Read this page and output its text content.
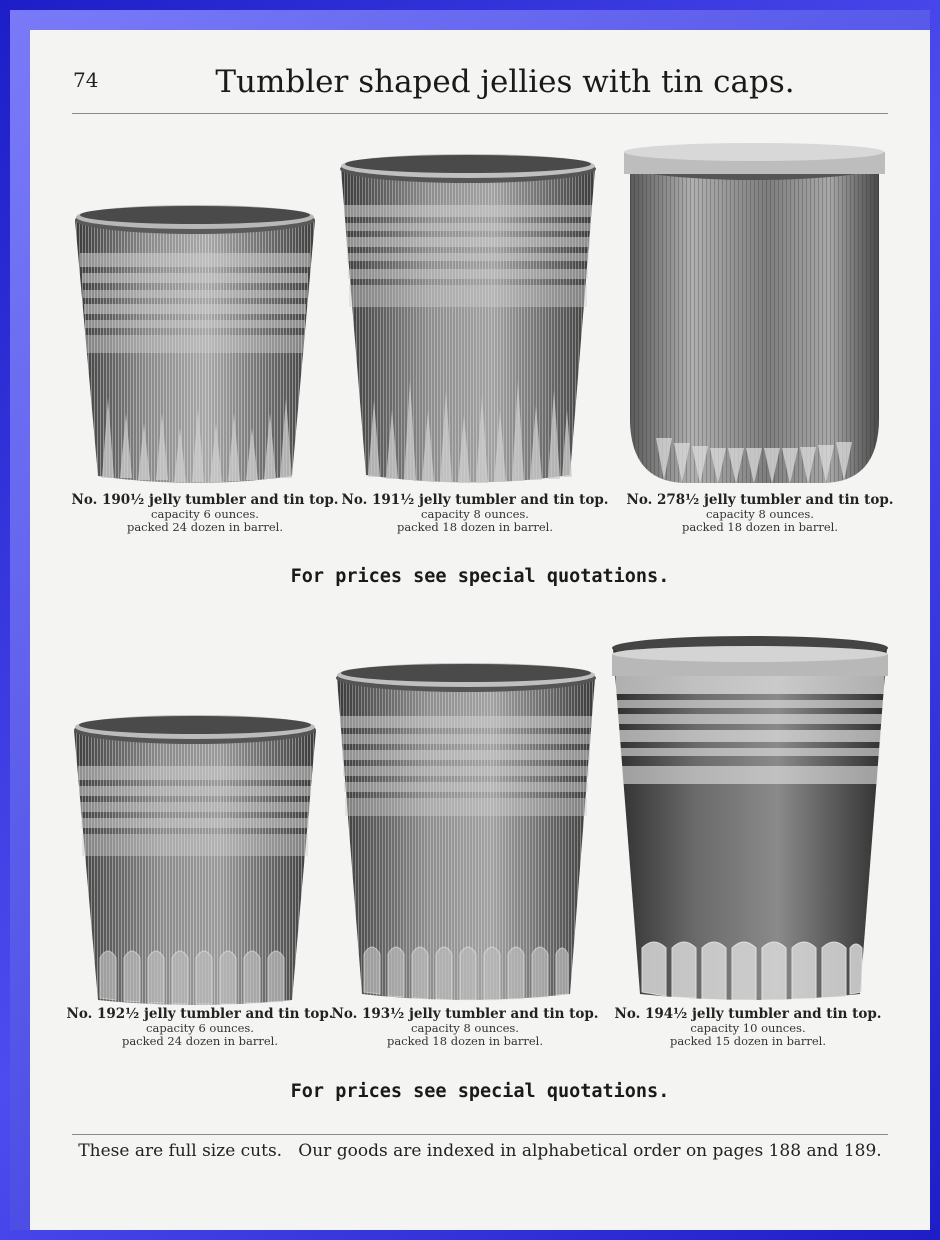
74	Tumbler shaped jellies with tin caps.
No. 190½ jelly tumbler and tin top.
capacity 6 ounces.
packed 24 dozen in barrel.
No. 191½ jelly tumbler and tin top.
capacity 8 ounces.
packed 18 dozen in barrel.
No. 278½ jelly tumbler and tin top.
capacity 8 ounces.
packed 18 dozen in barrel.
For prices see special quotations.
No. 192½ jelly tumbler and tin top.
capacity 6 ounces.
packed 24 dozen in barrel.
No. 193½ jelly tumbler and tin top.
capacity 8 ounces.
packed 18 dozen in barrel.
No. 194½ jelly tumbler and tin top.
capacity 10 ounces.
packed 15 dozen in barrel.
For prices see special quotations.
These are full size cuts.   Our goods are indexed in alphabetical order on pages 188 and 189.
